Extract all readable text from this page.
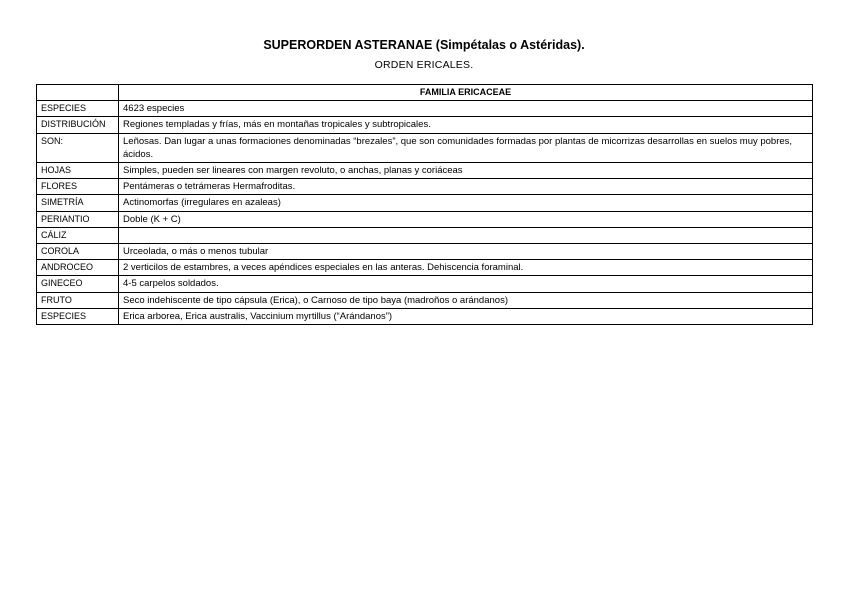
SUPERORDEN ASTERANAE (Simpétalas o Astéridas).
ORDEN ERICALES.
	FAMILIA ERICACEAE
ESPECIES	4623 especies
DISTRIBUCIÓN	Regiones templadas y frías, más en montañas tropicales y subtropicales.
SON:	Leñosas. Dan lugar a unas formaciones denominadas “brezales”, que son comunidades formadas por plantas de micorrizas desarrollas en suelos muy pobres, ácidos.
HOJAS	Simples, pueden ser lineares con margen revoluto, o anchas, planas y coriáceas
FLORES	Pentámeras o tetrámeras Hermafroditas.
SIMETRÍA	Actinomorfas (irregulares en azaleas)
PERIANTIO	Doble (K + C)
CÁLIZ	
COROLA	Urceolada, o más o menos tubular
ANDROCEO	2 verticilos de estambres, a veces apéndices especiales en las anteras. Dehiscencia foraminal.
GINECEO	4-5 carpelos soldados.
FRUTO	Seco indehiscente de tipo cápsula (Erica), o Carnoso de tipo baya (madroños o arándanos)
ESPECIES	Erica arborea, Erica australis, Vaccinium myrtillus (“Arándanos”)
